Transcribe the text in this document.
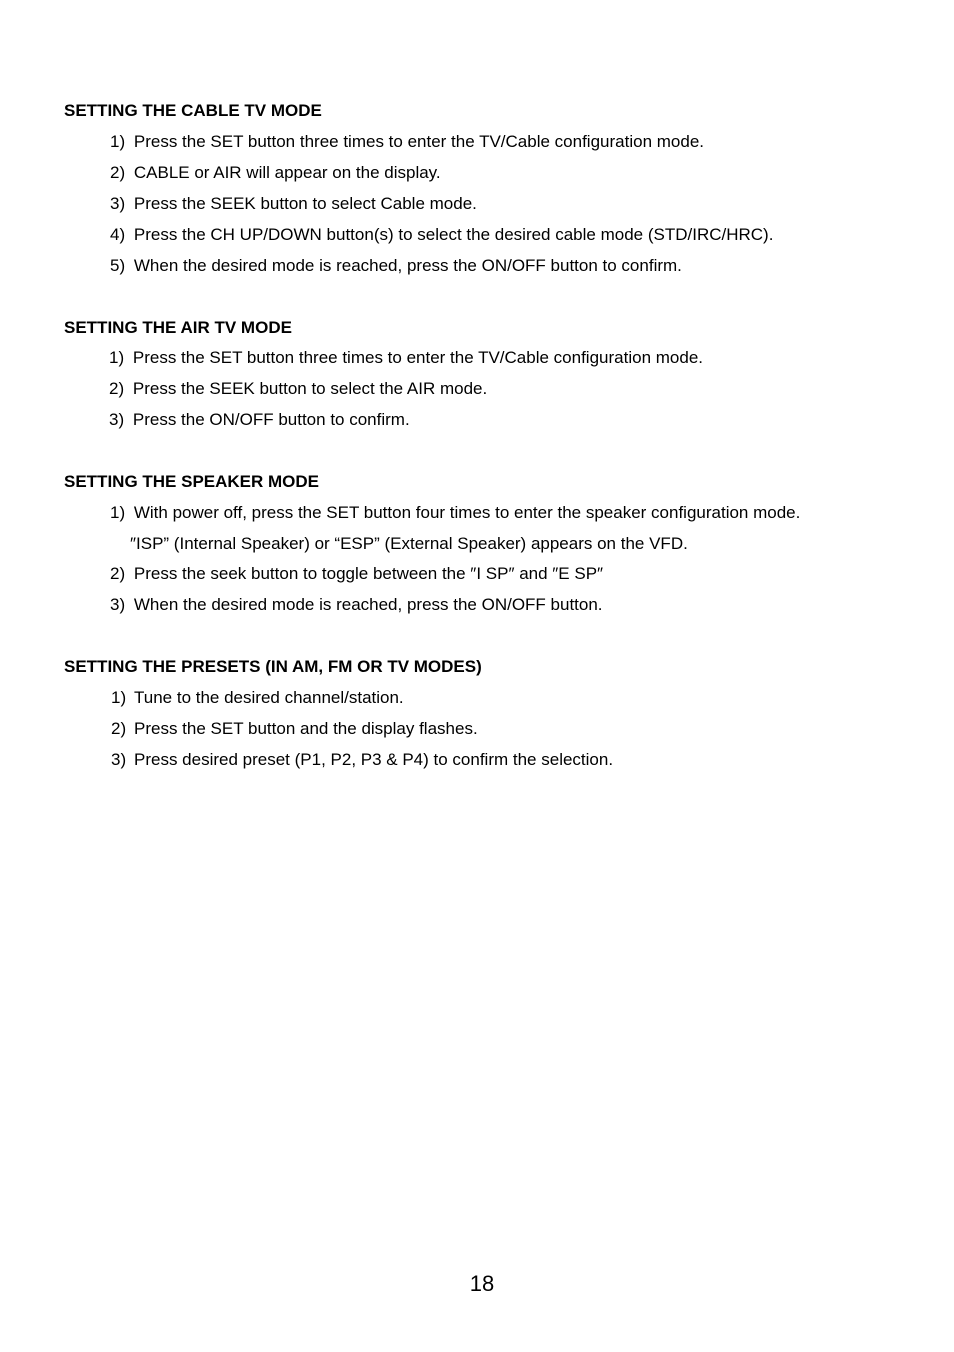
SETTING THE CABLE TV MODE
1) Press the SET button three times to enter the TV/Cable configuration mode.
2) CABLE or AIR will appear on the display.
3) Press the SEEK button to select Cable mode.
4) Press the CH UP/DOWN button(s) to select the desired cable mode (STD/IRC/HRC).
5) When the desired mode is reached, press the ON/OFF button to confirm.
SETTING THE AIR TV MODE
1) Press the SET button three times to enter the TV/Cable configuration mode.
2) Press the SEEK button to select the AIR mode.
3) Press the ON/OFF button to confirm.
SETTING THE SPEAKER MODE
1) With power off, press the SET button four times to enter the speaker configuration mode.
″ISP” (Internal Speaker) or “ESP” (External Speaker) appears on the VFD.
2) Press the seek button to toggle between the ″I SP″ and ″E SP″
3) When the desired mode is reached, press the ON/OFF button.
SETTING THE PRESETS (IN AM, FM OR TV MODES)
1) Tune to the desired channel/station.
2) Press the SET button and the display flashes.
3) Press desired preset (P1, P2, P3 & P4) to confirm the selection.
18
